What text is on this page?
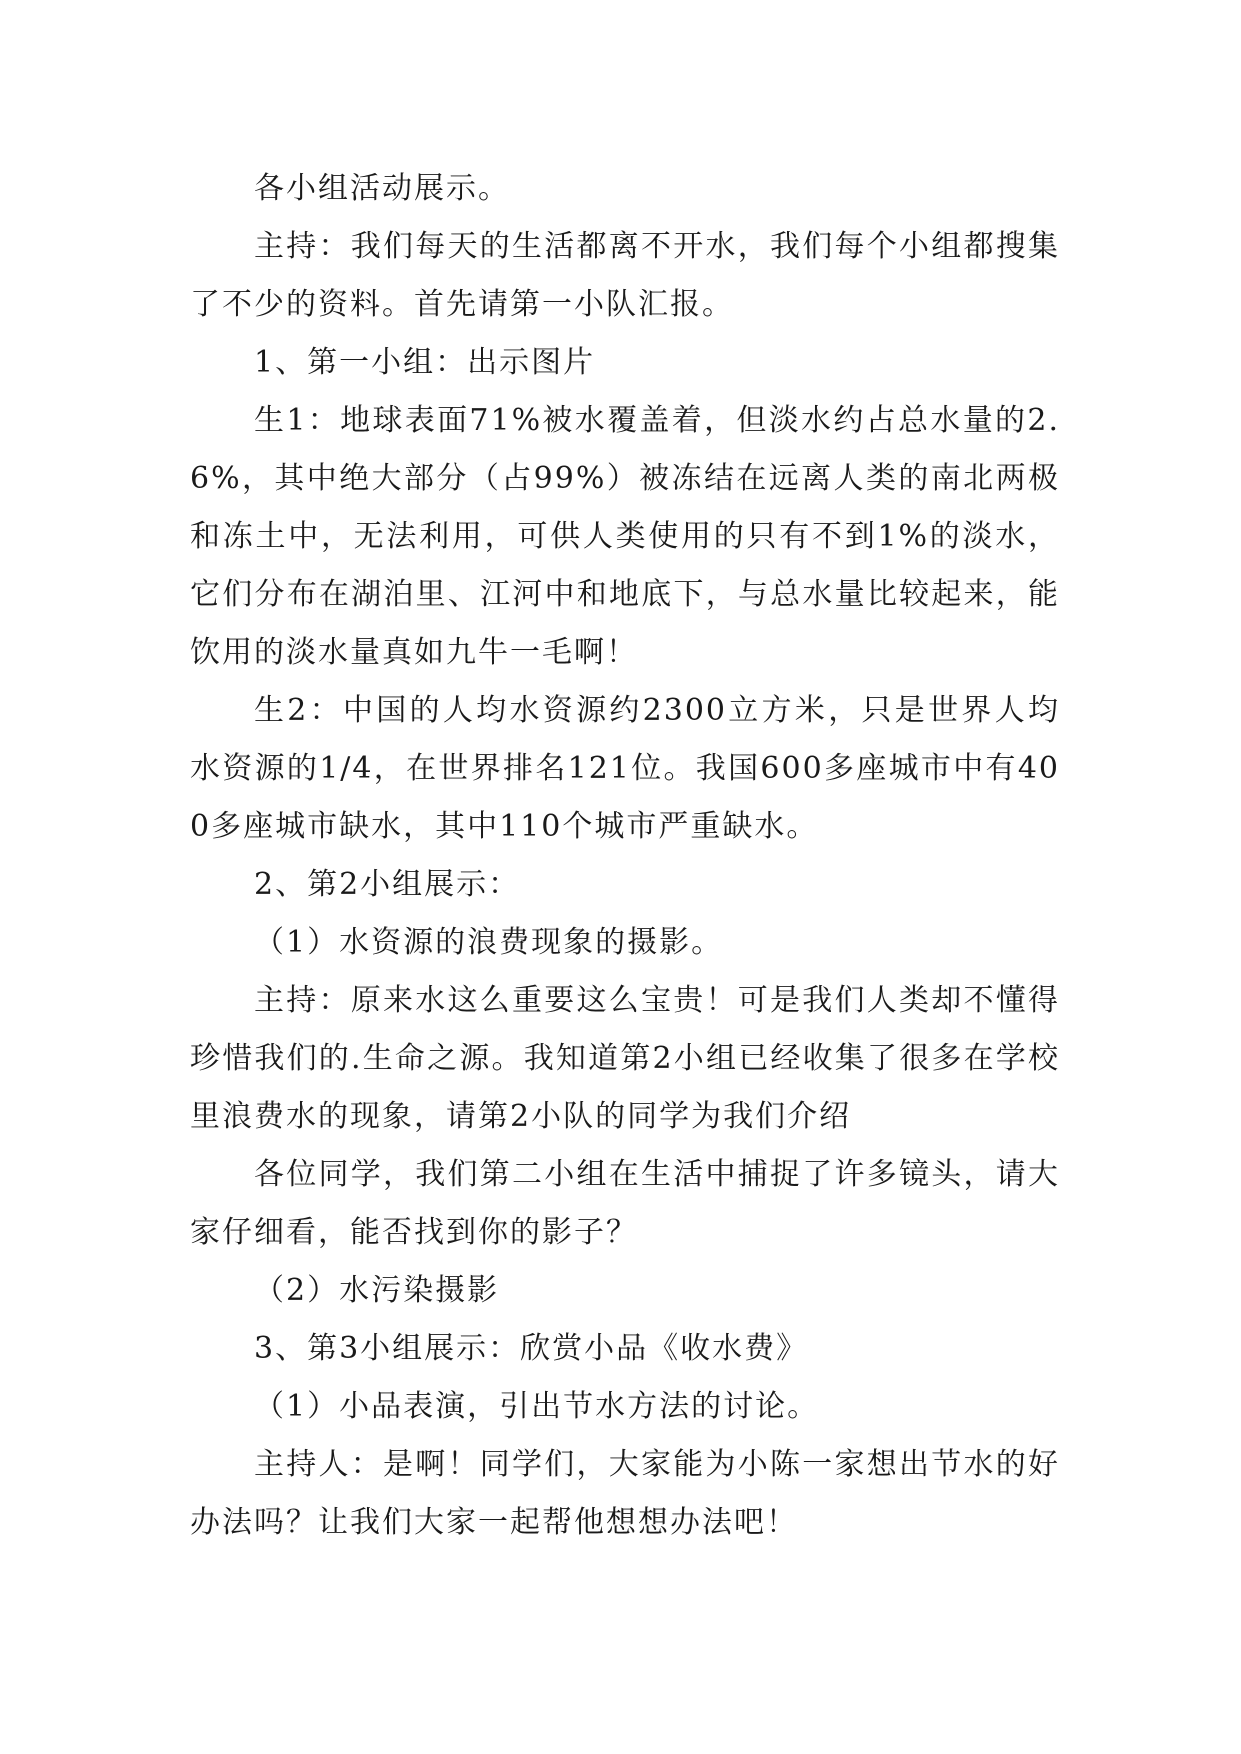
各小组活动展示。

主持：我们每天的生活都离不开水，我们每个小组都搜集了不少的资料。首先请第一小队汇报。

1、第一小组：出示图片

生1：地球表面71%被水覆盖着，但淡水约占总水量的2.6%，其中绝大部分（占99%）被冻结在远离人类的南北两极和冻土中，无法利用，可供人类使用的只有不到1%的淡水，它们分布在湖泊里、江河中和地底下，与总水量比较起来，能饮用的淡水量真如九牛一毛啊！

生2：中国的人均水资源约2300立方米，只是世界人均水资源的1/4，在世界排名121位。我国600多座城市中有400多座城市缺水，其中110个城市严重缺水。

2、第2小组展示：

（1）水资源的浪费现象的摄影。

主持：原来水这么重要这么宝贵！可是我们人类却不懂得珍惜我们的.生命之源。我知道第2小组已经收集了很多在学校里浪费水的现象，请第2小队的同学为我们介绍

各位同学，我们第二小组在生活中捕捉了许多镜头，请大家仔细看，能否找到你的影子？

（2）水污染摄影

3、第3小组展示：欣赏小品《收水费》

（1）小品表演，引出节水方法的讨论。

主持人：是啊！同学们，大家能为小陈一家想出节水的好办法吗？让我们大家一起帮他想想办法吧！
